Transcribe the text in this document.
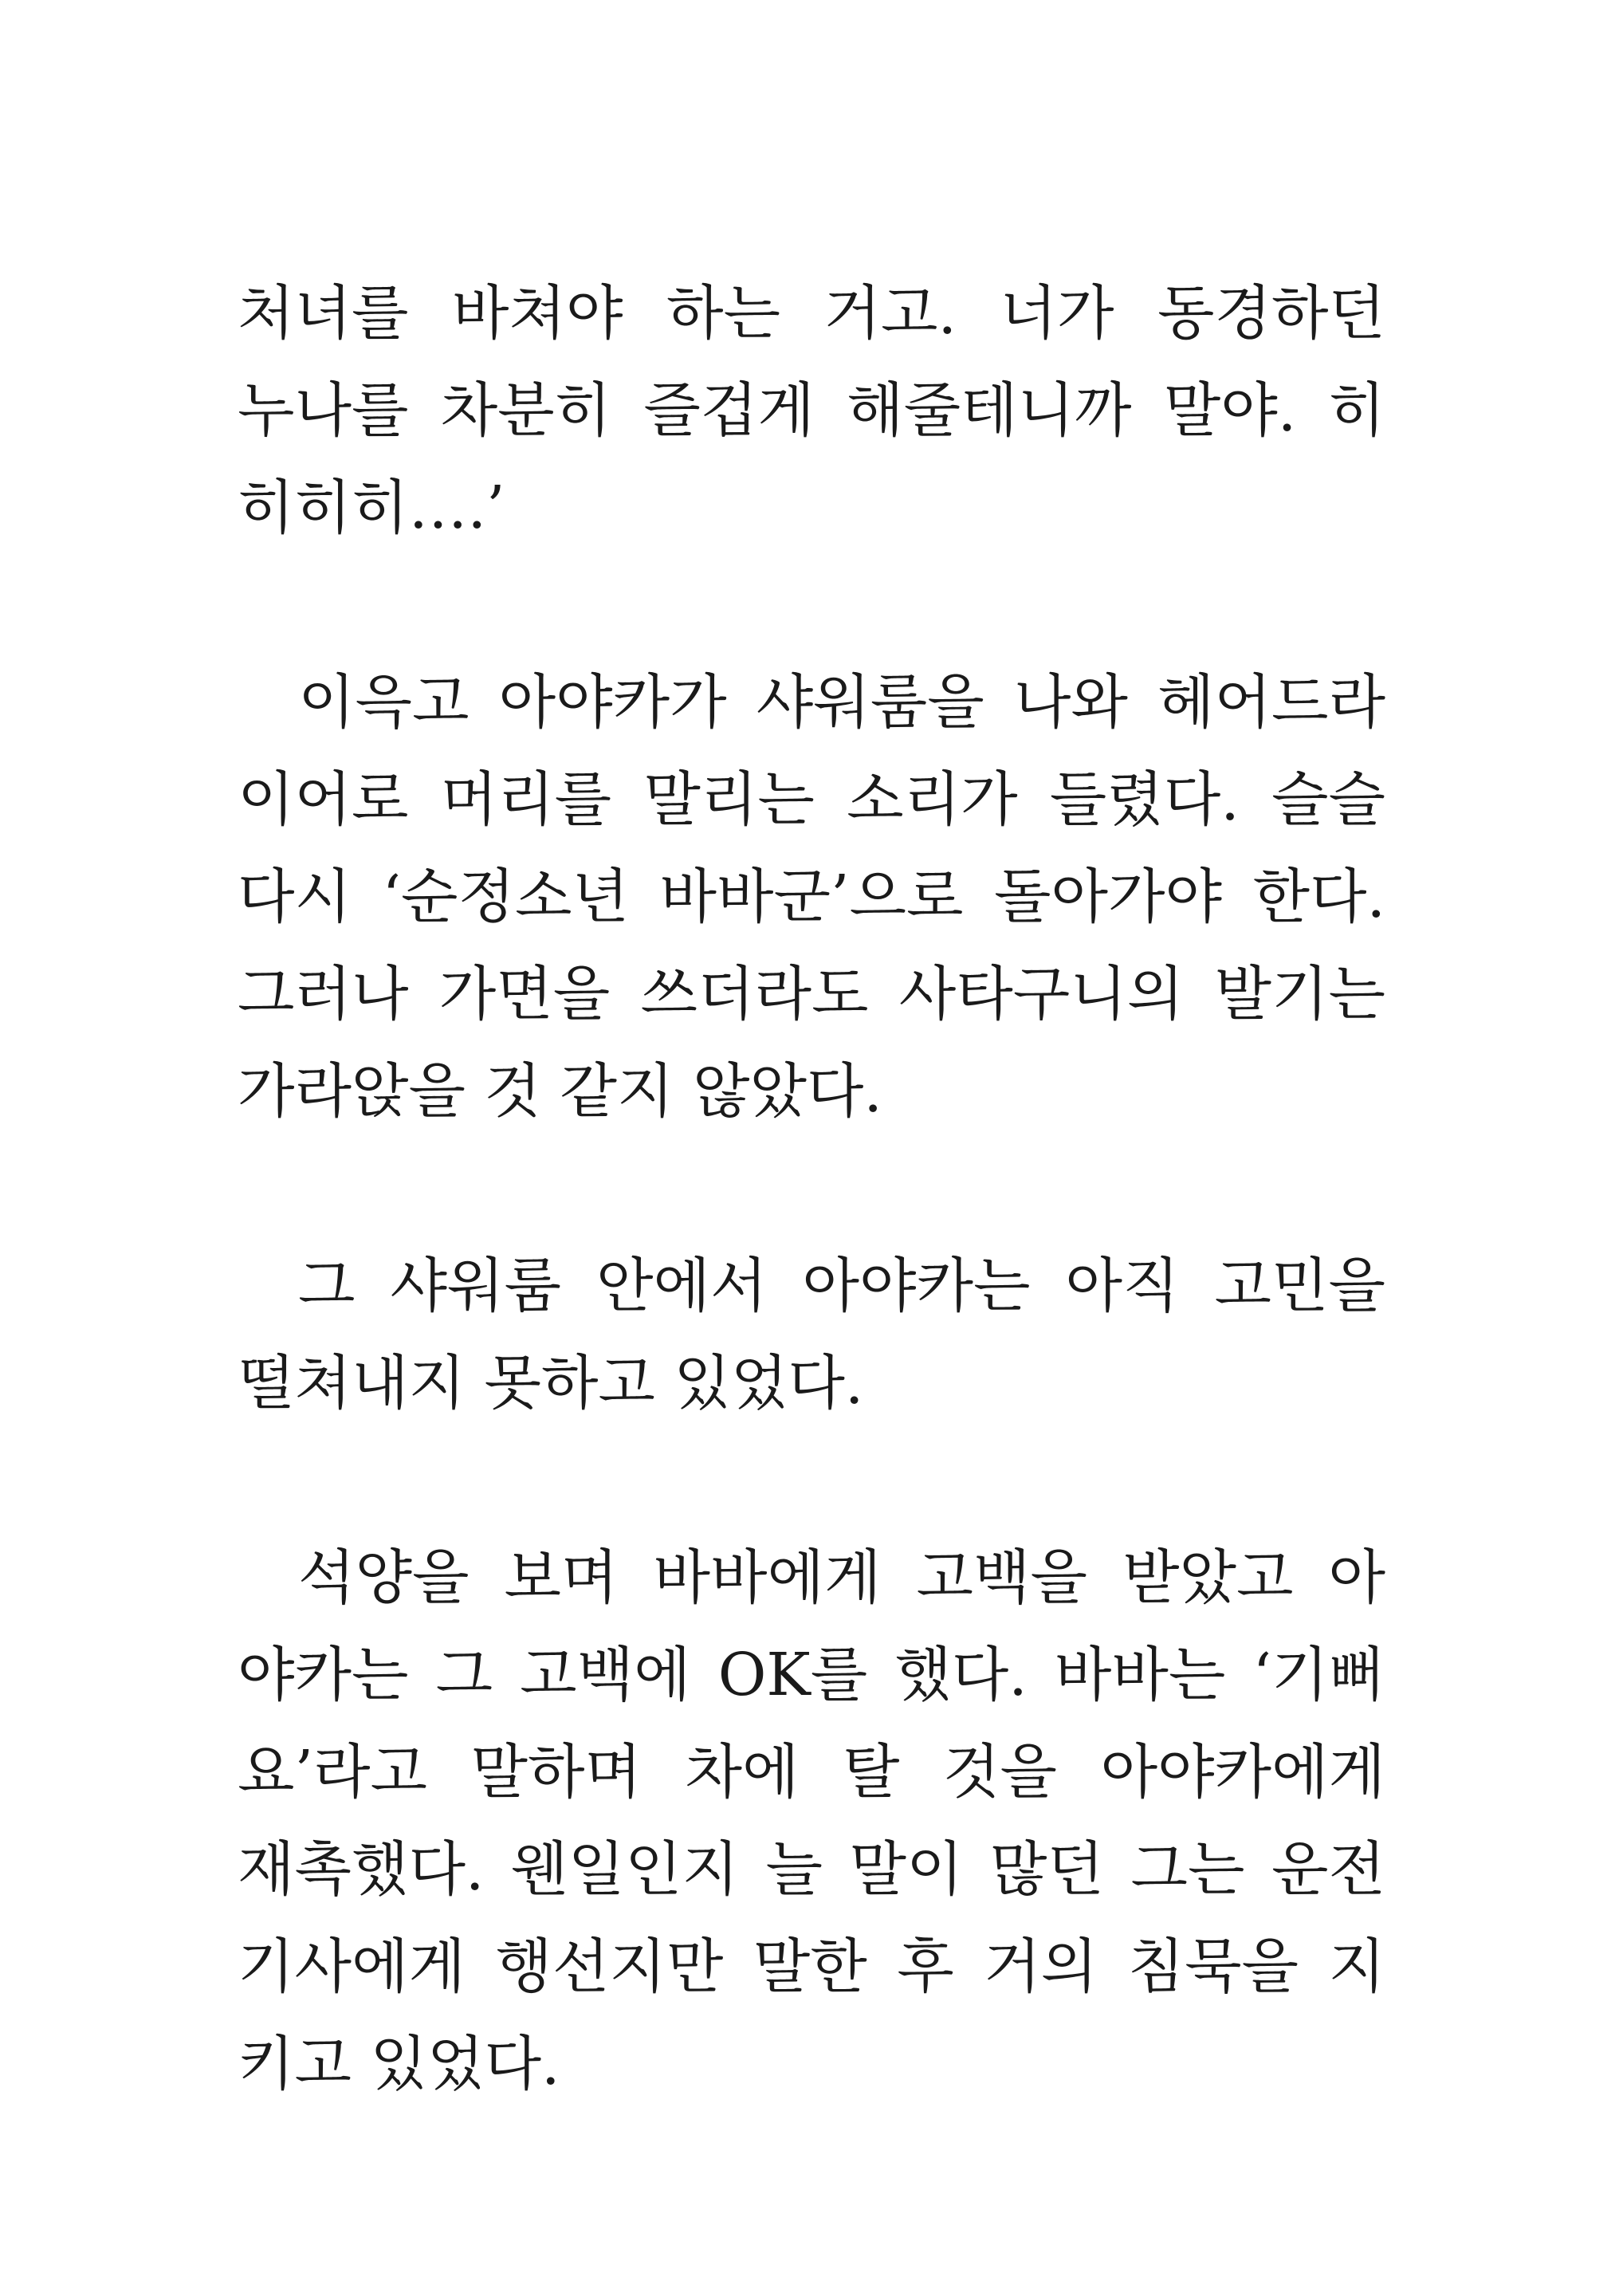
처녀를 바쳐야 하는 거고. 너가 동경하던
누나를 차분히 즐겁게 해줄테니까 말야. 히
히히히….’

이윽고 아야카가 샤워룸을 나와 헤어드라
이어로 머리를 말리는 소리가 들렸다. 슬슬
다시 ‘순정소년 바바군’으로 돌아가야 한다.
그러나 가면을 쓰더라도 사타구니의 발기는
가라앉을 것 같지 않았다.

그 샤워룸 안에서 아야카는 아직 고민을
떨쳐내지 못하고 있었다.

석양을 보며 바바에게 고백을 받았고 아
야카는 그 고백에 OK를 했다. 바바는 ‘기뻐
요’라고 말하며 차에 탈 것을 아야카에게
재촉했다. 웬일인지 늘 말이 많던 그는 운전
기사에게 행선지만 말한 후 거의 침묵을 지
키고 있었다.
